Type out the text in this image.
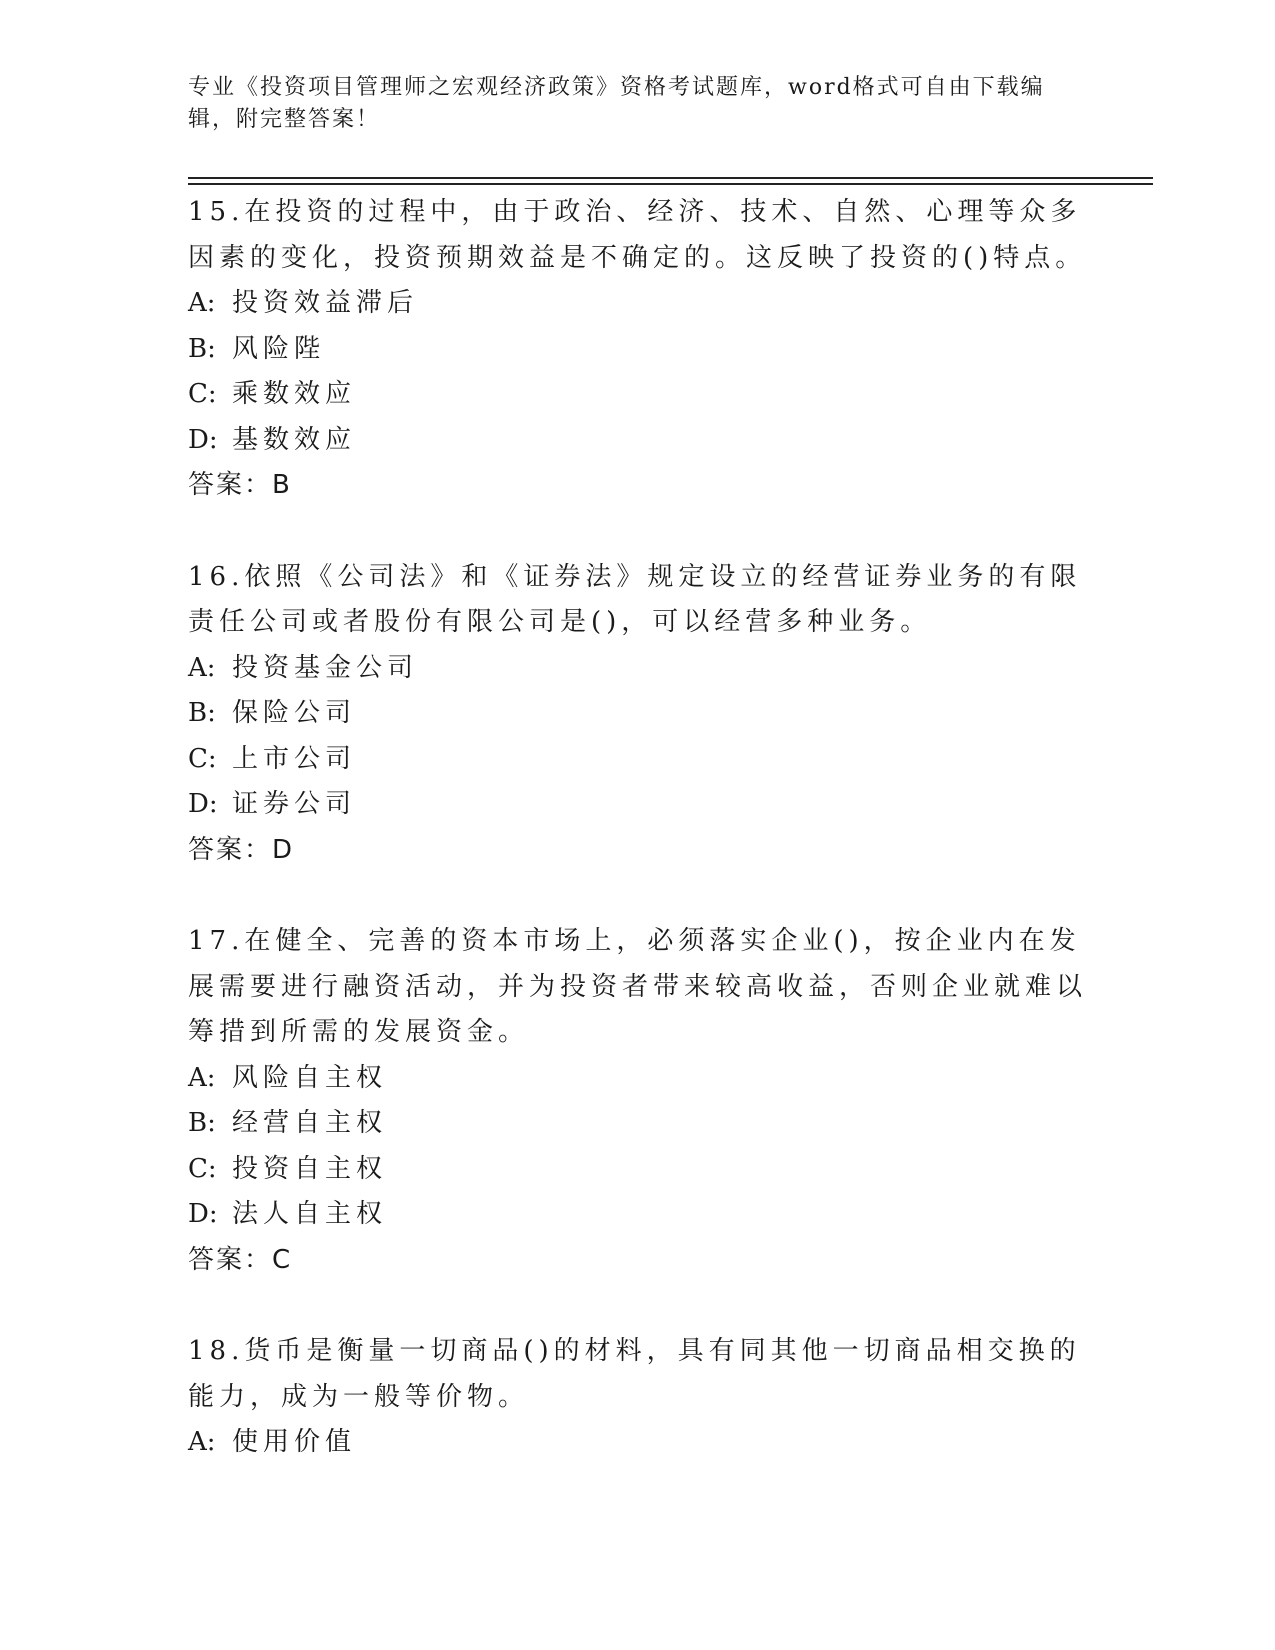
专业《投资项目管理师之宏观经济政策》资格考试题库，word格式可自由下载编辑，附完整答案！

15.在投资的过程中，由于政治、经济、技术、自然、心理等众多因素的变化，投资预期效益是不确定的。这反映了投资的()特点。

A: 投资效益滞后
B: 风险陛
C: 乘数效应
D: 基数效应

答案：B

16.依照《公司法》和《证券法》规定设立的经营证券业务的有限责任公司或者股份有限公司是()，可以经营多种业务。

A: 投资基金公司
B: 保险公司
C: 上市公司
D: 证券公司

答案：D

17.在健全、完善的资本市场上，必须落实企业()，按企业内在发展需要进行融资活动，并为投资者带来较高收益，否则企业就难以筹措到所需的发展资金。

A: 风险自主权
B: 经营自主权
C: 投资自主权
D: 法人自主权

答案：C

18.货币是衡量一切商品()的材料，具有同其他一切商品相交换的能力，成为一般等价物。

A: 使用价值
